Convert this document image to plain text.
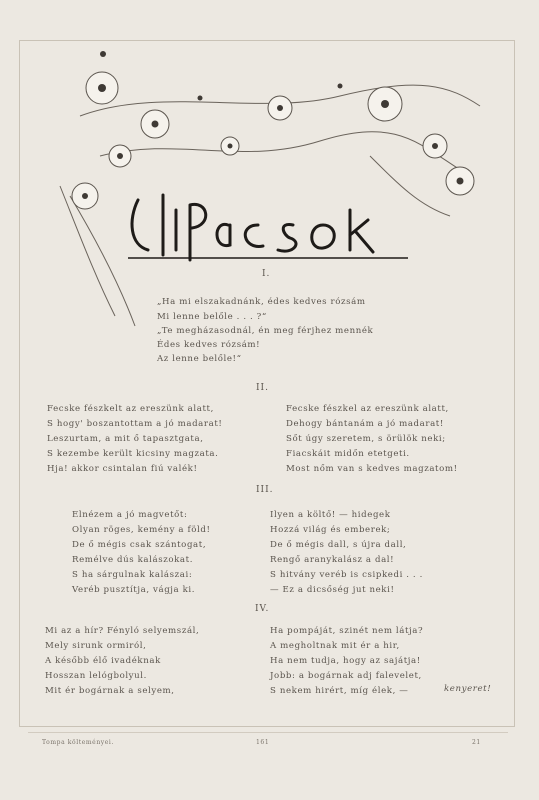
I.
„Ha mi elszakadnánk, édes kedves rózsám
Mi lenne belőle . . . ?“
„Te megházasodnál, én meg férjhez mennék
Édes kedves rózsám!
Az lenne belőle!“
II.
Fecske fészkelt az ereszünk alatt,
S hogy' boszantottam a jó madarat!
Leszurtam, a mit ő tapasztgata,
S kezembe került kicsiny magzata.
Hja! akkor csintalan fiú valék!
Fecske fészkel az ereszünk alatt,
Dehogy bántanám a jó madarat!
Sőt úgy szeretem, s örülök neki;
Fiacskáit midőn etetgeti.
Most nőm van s kedves magzatom!
III.
Elnézem a jó magvetőt:
Olyan röges, kemény a föld!
De ő mégis csak szántogat,
Remélve dús kalászokat.
S ha sárgulnak kalászai:
Veréb pusztítja, vágja ki.
Ilyen a költő! — hidegek
Hozzá világ és emberek;
De ő mégis dall, s újra dall,
Rengő aranykalász a dal!
S hitvány veréb is csipkedi . . .
— Ez a dicsőség jut neki!
IV.
Mi az a hír? Fényló selyemszál,
Mely sirunk ormiról,
A később élő ivadéknak
Hosszan lelógbolyul.
Mit ér bogárnak a selyem,
Ha pompáját, szinét nem látja?
A megholtnak mit ér a hir,
Ha nem tudja, hogy az sajátja!
Jobb: a bogárnak adj falevelet,
S nekem hirért, míg élek, —	kenyeret!
Tompa költeményei.	161	21
